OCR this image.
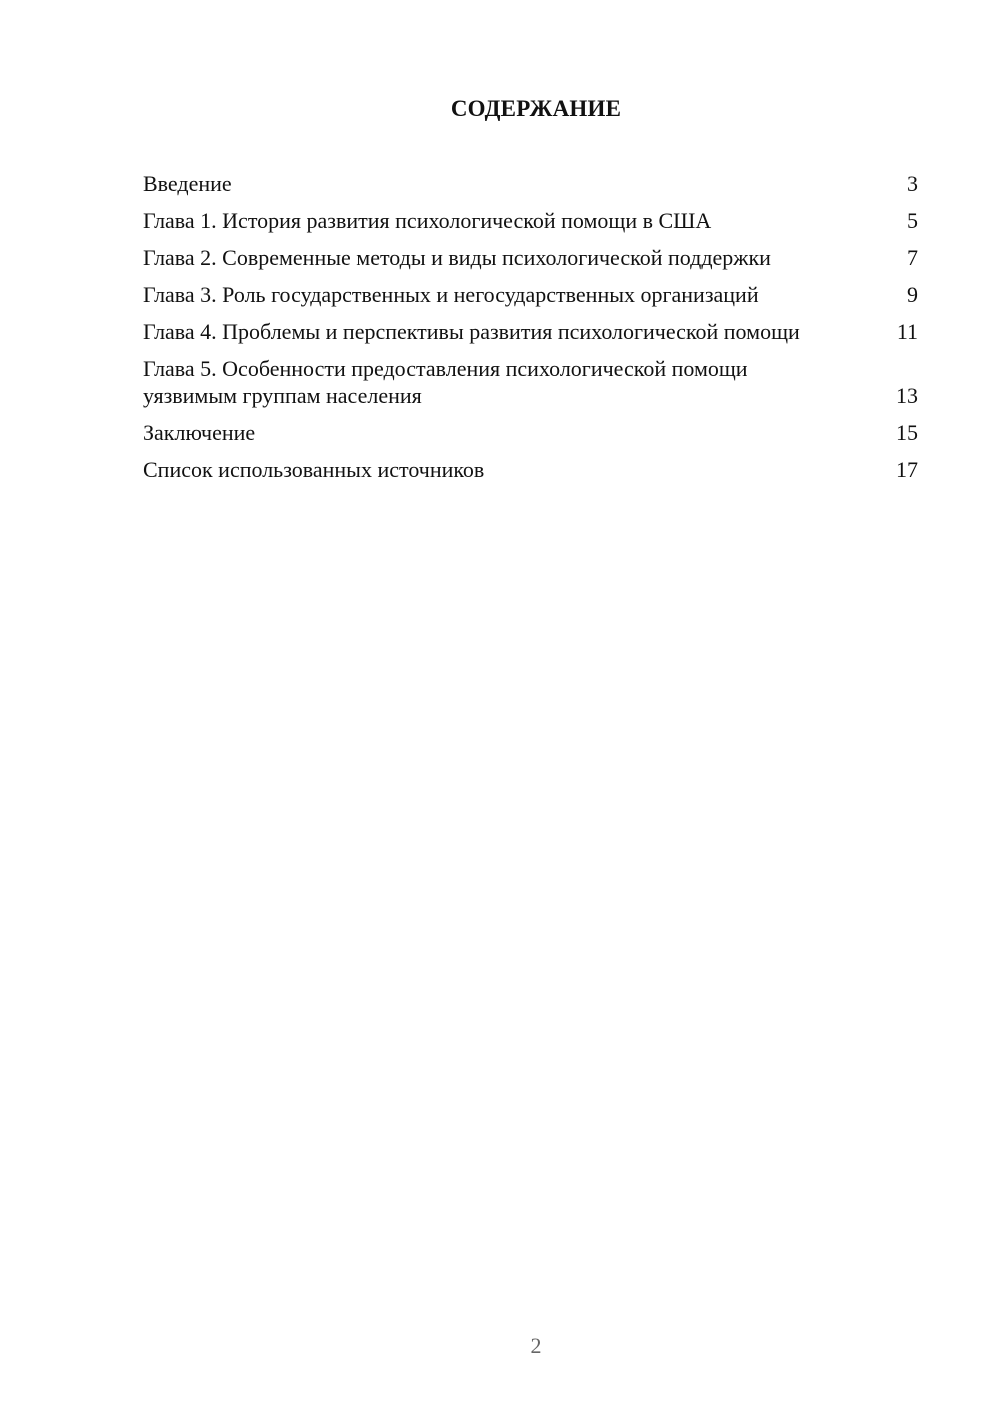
СОДЕРЖАНИЕ
Введение	3
Глава 1. История развития психологической помощи в США	5
Глава 2. Современные методы и виды психологической поддержки	7
Глава 3. Роль государственных и негосударственных организаций	9
Глава 4. Проблемы и перспективы развития психологической помощи	11
Глава 5. Особенности предоставления психологической помощи уязвимым группам населения	13
Заключение	15
Список использованных источников	17
2
